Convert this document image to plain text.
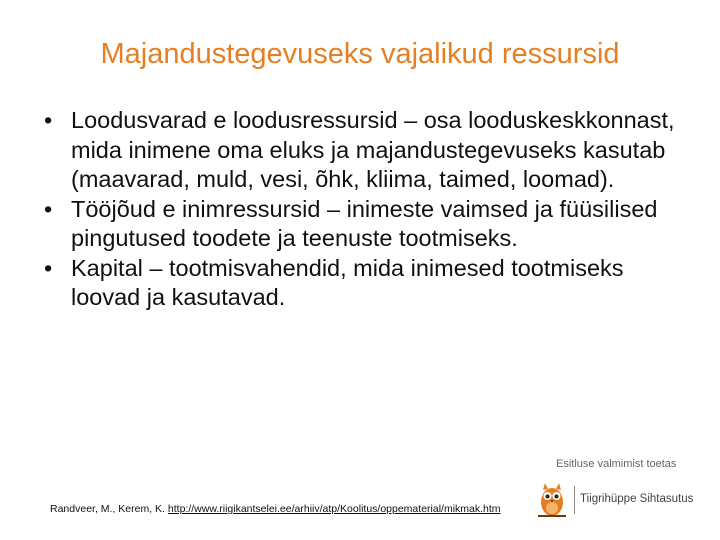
Majandustegevuseks vajalikud ressursid
• Loodusvarad e loodusressursid – osa looduskeskkonnast, mida inimene oma eluks ja majandustegevuseks kasutab (maavarad, muld, vesi, õhk, kliima, taimed, loomad).
• Tööjõud e inimressursid – inimeste vaimsed ja füüsilised pingutused toodete ja teenuste tootmiseks.
• Kapital – tootmisvahendid, mida inimesed tootmiseks loovad ja kasutavad.
Esitluse valmimist toetas
Tiigrihüppe Sihtasutus
Randveer, M., Kerem, K. http://www.riigikantselei.ee/arhiiv/atp/Koolitus/oppematerial/mikmak.htm
